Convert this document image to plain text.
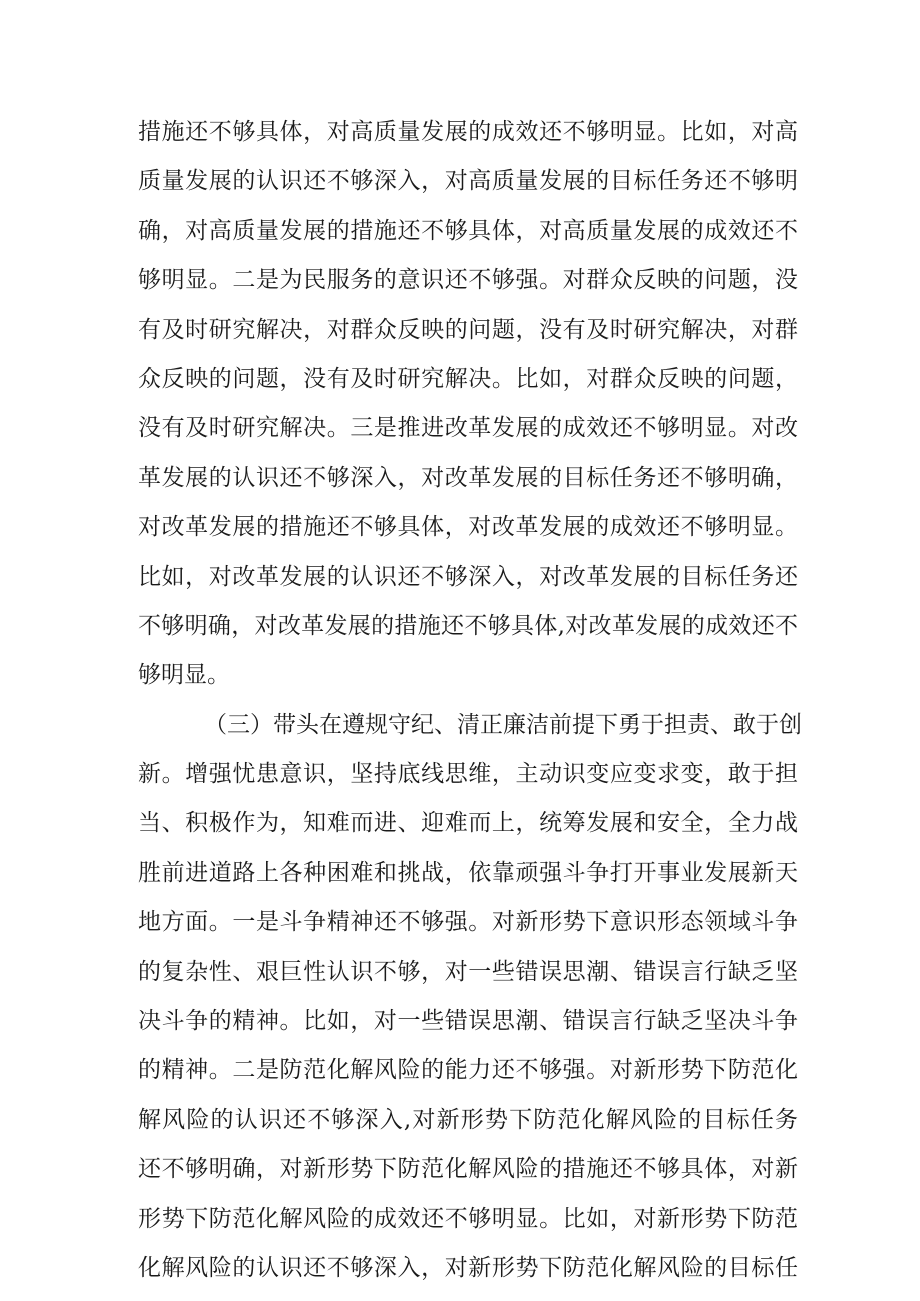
措施还不够具体，对高质量发展的成效还不够明显。比如，对高
质量发展的认识还不够深入，对高质量发展的目标任务还不够明
确，对高质量发展的措施还不够具体，对高质量发展的成效还不
够明显。二是为民服务的意识还不够强。对群众反映的问题，没
有及时研究解决，对群众反映的问题，没有及时研究解决，对群
众反映的问题，没有及时研究解决。比如，对群众反映的问题，
没有及时研究解决。三是推进改革发展的成效还不够明显。对改
革发展的认识还不够深入，对改革发展的目标任务还不够明确，
对改革发展的措施还不够具体，对改革发展的成效还不够明显。
比如，对改革发展的认识还不够深入，对改革发展的目标任务还
不够明确，对改革发展的措施还不够具体,对改革发展的成效还不
够明显。
（三）带头在遵规守纪、清正廉洁前提下勇于担责、敢于创
新。增强忧患意识，坚持底线思维，主动识变应变求变，敢于担
当、积极作为，知难而进、迎难而上，统筹发展和安全，全力战
胜前进道路上各种困难和挑战，依靠顽强斗争打开事业发展新天
地方面。一是斗争精神还不够强。对新形势下意识形态领域斗争
的复杂性、艰巨性认识不够，对一些错误思潮、错误言行缺乏坚
决斗争的精神。比如，对一些错误思潮、错误言行缺乏坚决斗争
的精神。二是防范化解风险的能力还不够强。对新形势下防范化
解风险的认识还不够深入,对新形势下防范化解风险的目标任务
还不够明确，对新形势下防范化解风险的措施还不够具体，对新
形势下防范化解风险的成效还不够明显。比如，对新形势下防范
化解风险的认识还不够深入，对新形势下防范化解风险的目标任
